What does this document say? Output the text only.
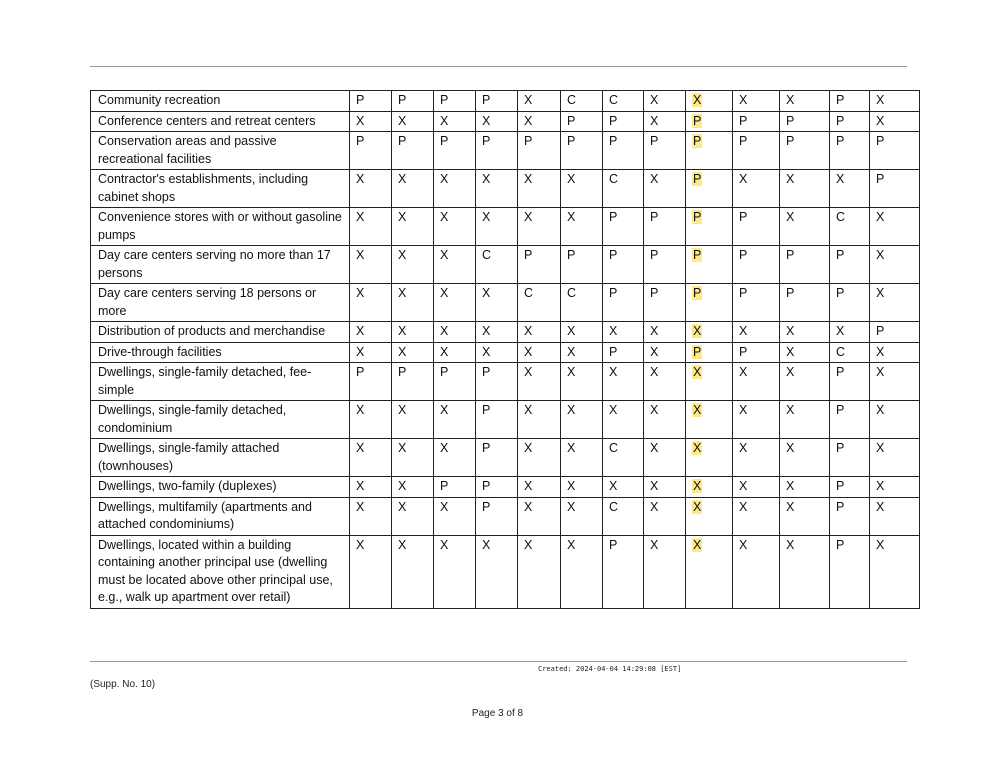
Community recreation	P	P	P	P	X	C	C	X	X	X	X	P	X
Conference centers and retreat centers	X	X	X	X	X	P	P	X	P	P	P	P	X
Conservation areas and passive recreational facilities	P	P	P	P	P	P	P	P	P	P	P	P	P
Contractor's establishments, including cabinet shops	X	X	X	X	X	X	C	X	P	X	X	X	P
Convenience stores with or without gasoline pumps	X	X	X	X	X	X	P	P	P	P	X	C	X
Day care centers serving no more than 17 persons	X	X	X	C	P	P	P	P	P	P	P	P	X
Day care centers serving 18 persons or more	X	X	X	X	C	C	P	P	P	P	P	P	X
Distribution of products and merchandise	X	X	X	X	X	X	X	X	X	X	X	X	P
Drive-through facilities	X	X	X	X	X	X	P	X	P	P	X	C	X
Dwellings, single-family detached, fee-simple	P	P	P	P	X	X	X	X	X	X	X	P	X
Dwellings, single-family detached, condominium	X	X	X	P	X	X	X	X	X	X	X	P	X
Dwellings, single-family attached (townhouses)	X	X	X	P	X	X	C	X	X	X	X	P	X
Dwellings, two-family (duplexes)	X	X	P	P	X	X	X	X	X	X	X	P	X
Dwellings, multifamily (apartments and attached condominiums)	X	X	X	P	X	X	C	X	X	X	X	P	X
Dwellings, located within a building containing another principal use (dwelling must be located above other principal use, e.g., walk up apartment over retail)	X	X	X	X	X	X	P	X	X	X	X	P	X
Created: 2024-04-04 14:29:08 [EST]
(Supp. No. 10)
Page 3 of 8
